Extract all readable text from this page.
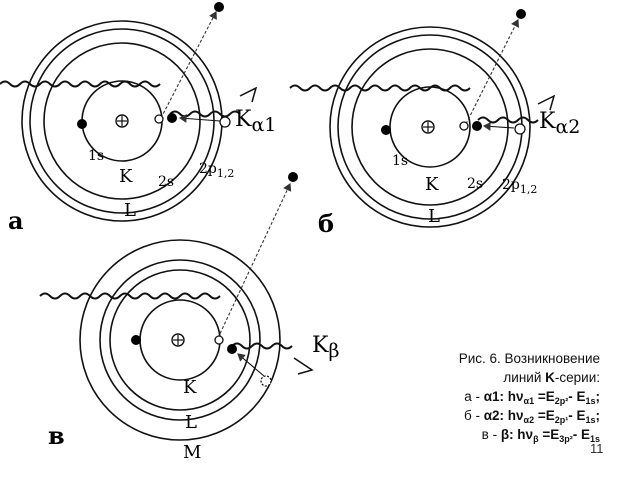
Kα1
1s
K 2s
$2p_{1,2}$
L
а
Kα2
1s
K 2s $2p_{1,2}$
L
б
Kβ
K
L
M
в
Рис. 6. Возникновение
линий K-серии:
а - α1: $h\nu_{\alpha 1} =E_{2p^2}-$ $E_{1s}$;
б - α2: $h\nu_{\alpha 2} =E_{2p^1}-$ $E_{1s}$;
в - β: $h\nu_\beta =E_{3p^2}-$ $E_{1s}$
11
